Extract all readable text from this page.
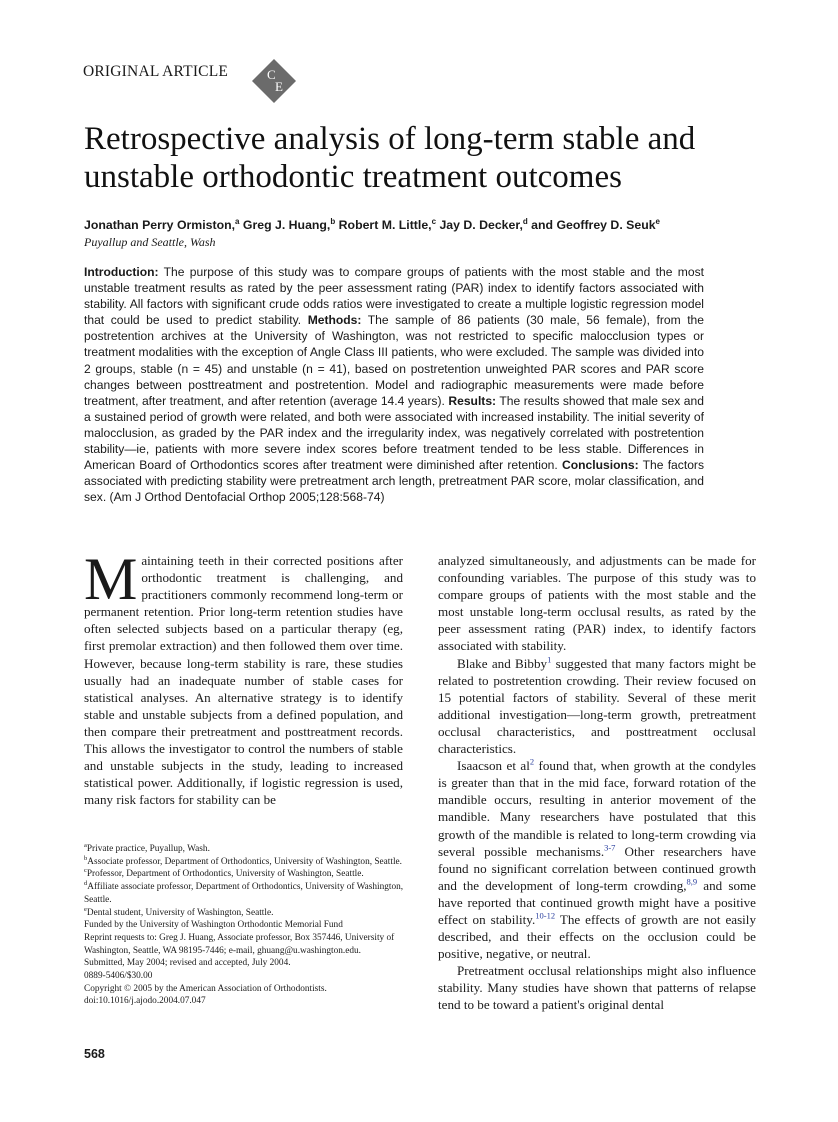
ORIGINAL ARTICLE	C
E
Retrospective analysis of long-term stable and unstable orthodontic treatment outcomes
Jonathan Perry Ormiston,$^a$ Greg J. Huang,$^b$ Robert M. Little,$^c$ Jay D. Decker,$^d$ and Geoffrey D. Seuk$^e$
Puyallup and Seattle, Wash

Introduction: The purpose of this study was to compare groups of patients with the most stable and the most unstable treatment results as rated by the peer assessment rating (PAR) index to identify factors associated with stability. All factors with significant crude odds ratios were investigated to create a multiple logistic regression model that could be used to predict stability. Methods: The sample of 86 patients (30 male, 56 female), from the postretention archives at the University of Washington, was not restricted to specific malocclusion types or treatment modalities with the exception of Angle Class III patients, who were excluded. The sample was divided into 2 groups, stable (n = 45) and unstable (n = 41), based on postretention unweighted PAR scores and PAR score changes between posttreatment and postretention. Model and radiographic measurements were made before treatment, after treatment, and after retention (average 14.4 years). Results: The results showed that male sex and a sustained period of growth were related, and both were associated with increased instability. The initial severity of malocclusion, as graded by the PAR index and the irregularity index, was negatively correlated with postretention stability—ie, patients with more severe index scores before treatment tended to be less stable. Differences in American Board of Orthodontics scores after treatment were diminished after retention. Conclusions: The factors associated with predicting stability were pretreatment arch length, pretreatment PAR score, molar classification, and sex. (Am J Orthod Dentofacial Orthop 2005;128:568-74)

Maintaining teeth in their corrected positions after orthodontic treatment is challenging, and practitioners commonly recommend long-term or permanent retention. Prior long-term retention studies have often selected subjects based on a particular therapy (eg, first premolar extraction) and then followed them over time. However, because long-term stability is rare, these studies usually had an inadequate number of stable cases for statistical analyses. An alternative strategy is to identify stable and unstable subjects from a defined population, and then compare their pretreatment and posttreatment records. This allows the investigator to control the numbers of stable and unstable subjects in the study, leading to increased statistical power. Additionally, if logistic regression is used, many risk factors for stability can be

$^a$Private practice, Puyallup, Wash.
$^b$Associate professor, Department of Orthodontics, University of Washington, Seattle.
$^c$Professor, Department of Orthodontics, University of Washington, Seattle.
$^d$Affiliate associate professor, Department of Orthodontics, University of Washington, Seattle.
$^e$Dental student, University of Washington, Seattle.
Funded by the University of Washington Orthodontic Memorial Fund
Reprint requests to: Greg J. Huang, Associate professor, Box 357446, University of Washington, Seattle, WA 98195-7446; e-mail, ghuang@u.washington.edu.
Submitted, May 2004; revised and accepted, July 2004.
0889-5406/$30.00
Copyright © 2005 by the American Association of Orthodontists.
doi:10.1016/j.ajodo.2004.07.047

analyzed simultaneously, and adjustments can be made for confounding variables. The purpose of this study was to compare groups of patients with the most stable and the most unstable long-term occlusal results, as rated by the peer assessment rating (PAR) index, to identify factors associated with stability.

Blake and Bibby$^1$ suggested that many factors might be related to postretention crowding. Their review focused on 15 potential factors of stability. Several of these merit additional investigation—long-term growth, pretreatment occlusal characteristics, and posttreatment occlusal characteristics.

Isaacson et $al^2$ found that, when growth at the condyles is greater than that in the mid face, forward rotation of the mandible occurs, resulting in anterior movement of the mandible. Many researchers have postulated that this growth of the mandible is related to long-term crowding via several possible mechanisms.$^{3-7}$ Other researchers have found no significant correlation between continued growth and the development of long-term crowding,$^{8,9}$ and some have reported that continued growth might have a positive effect on stability.$^{10-12}$ The effects of growth are not easily described, and their effects on the occlusion could be positive, negative, or neutral.

Pretreatment occlusal relationships might also influence stability. Many studies have shown that patterns of relapse tend to be toward a patient's original dental

568
